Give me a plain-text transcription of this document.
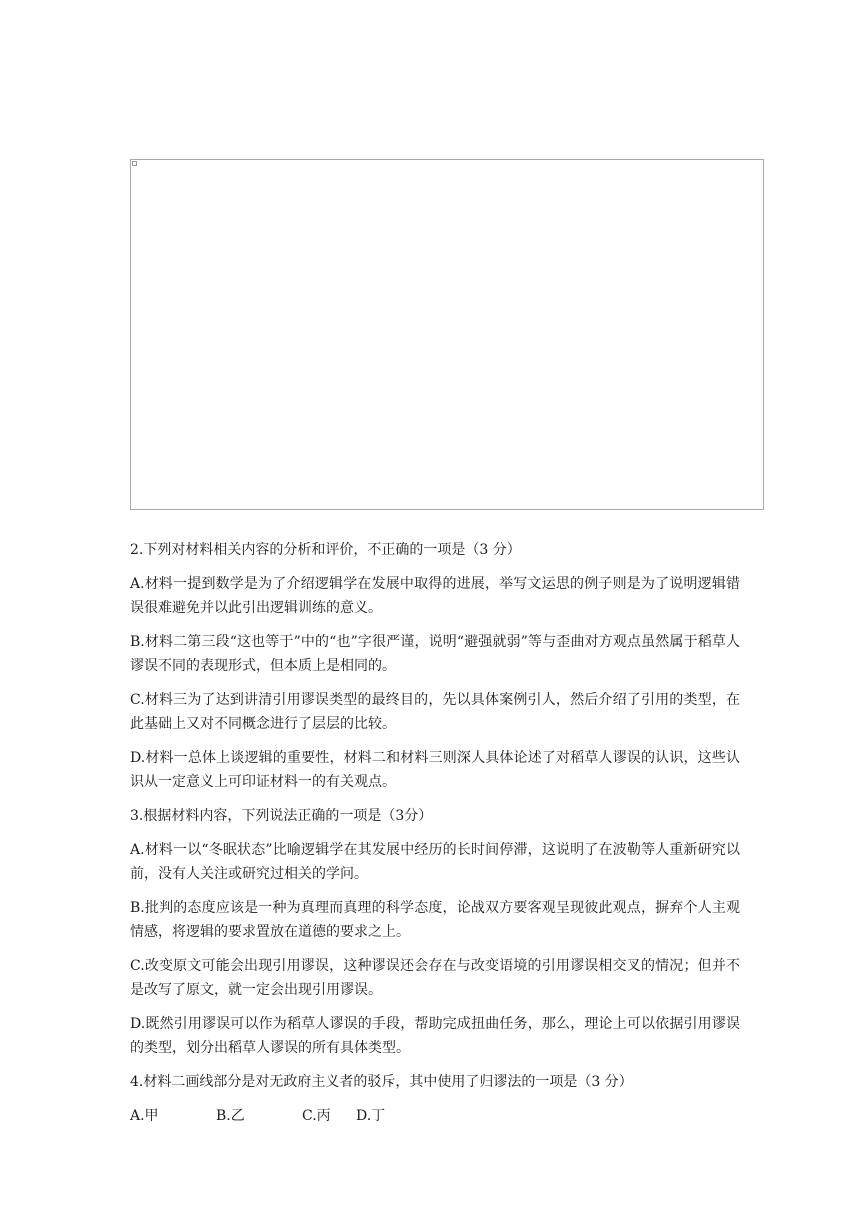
2.下列对材料相关内容的分析和评价，不正确的一项是（3 分）

A.材料一提到数学是为了介绍逻辑学在发展中取得的进展，举写文运思的例子则是为了说明逻辑错误很难避免并以此引出逻辑训练的意义。

B.材料二第三段“这也等于”中的“也”字很严谨，说明“避强就弱”等与歪曲对方观点虽然属于稻草人谬误不同的表现形式，但本质上是相同的。

C.材料三为了达到讲清引用谬误类型的最终目的，先以具体案例引人，然后介绍了引用的类型，在此基础上又对不同概念进行了层层的比较。

D.材料一总体上谈逻辑的重要性，材料二和材料三则深人具体论述了对稻草人谬误的认识，这些认识从一定意义上可印证材料一的有关观点。

3.根据材料内容，下列说法正确的一项是（3分）

A.材料一以“冬眠状态”比喻逻辑学在其发展中经历的长时间停滞，这说明了在波勒等人重新研究以前，没有人关注或研究过相关的学问。

B.批判的态度应该是一种为真理而真理的科学态度，论战双方要客观呈现彼此观点，摒弃个人主观情感，将逻辑的要求置放在道德的要求之上。

C.改变原文可能会出现引用谬误，这种谬误还会存在与改变语境的引用谬误相交叉的情况；但并不是改写了原文，就一定会出现引用谬误。

D.既然引用谬误可以作为稻草人谬误的手段，帮助完成扭曲任务，那么，理论上可以依据引用谬误的类型，划分出稻草人谬误的所有具体类型。

4.材料二画线部分是对无政府主义者的驳斥，其中使用了归谬法的一项是（3 分）

A.甲	B.乙	C.丙	D.丁
